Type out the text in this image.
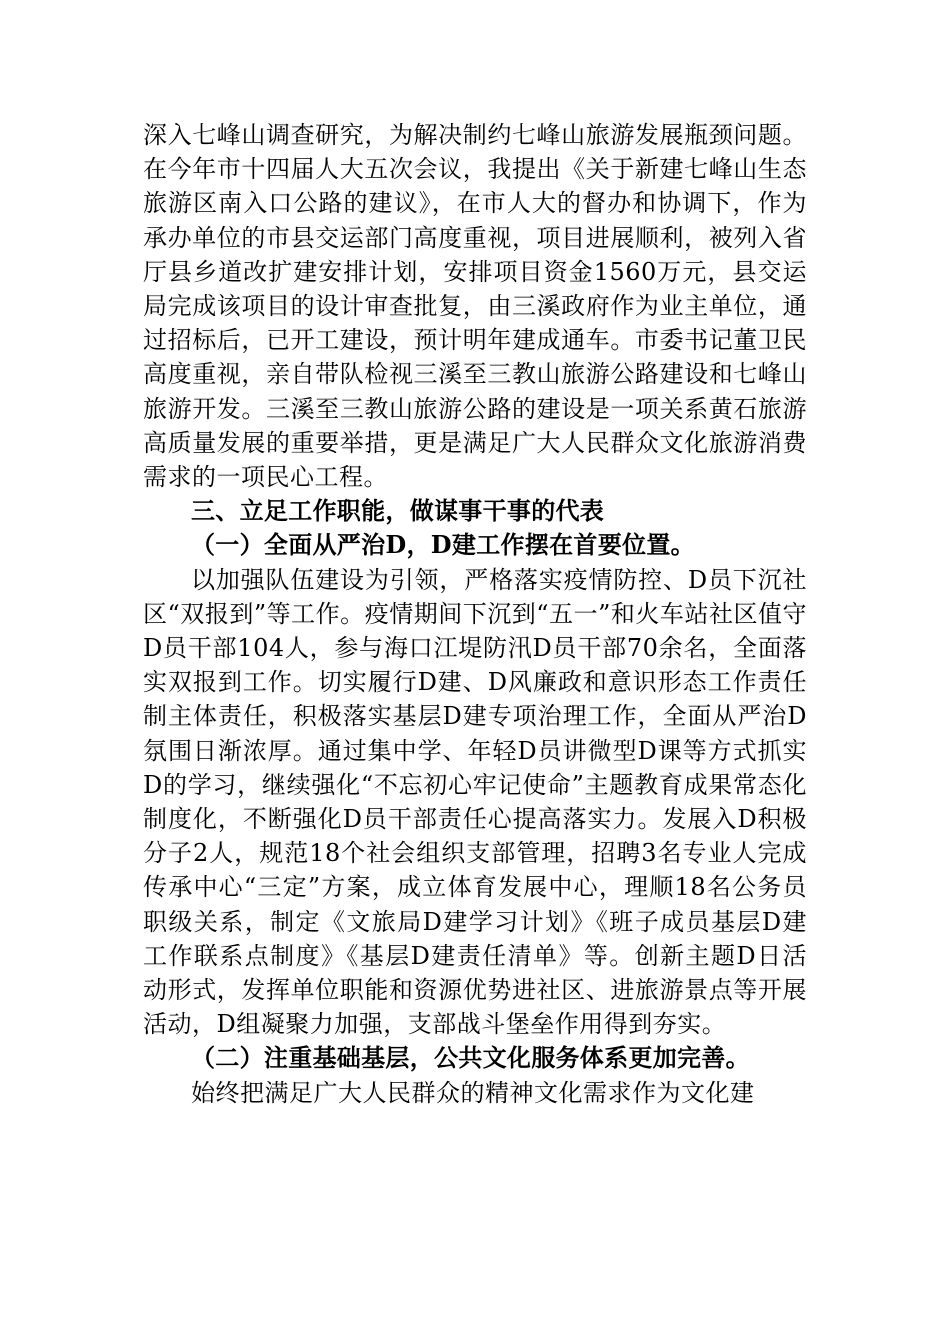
深入七峰山调查研究，为解决制约七峰山旅游发展瓶颈问题。在今年市十四届人大五次会议，我提出《关于新建七峰山生态旅游区南入口公路的建议》，在市人大的督办和协调下，作为承办单位的市县交运部门高度重视，项目进展顺利，被列入省厅县乡道改扩建安排计划，安排项目资金1560万元，县交运局完成该项目的设计审查批复，由三溪政府作为业主单位，通过招标后，已开工建设，预计明年建成通车。市委书记董卫民高度重视，亲自带队检视三溪至三教山旅游公路建设和七峰山旅游开发。三溪至三教山旅游公路的建设是一项关系黄石旅游高质量发展的重要举措，更是满足广大人民群众文化旅游消费需求的一项民心工程。

三、立足工作职能，做谋事干事的代表

（一）全面从严治D，D建工作摆在首要位置。

以加强队伍建设为引领，严格落实疫情防控、D员下沉社区“双报到”等工作。疫情期间下沉到“五一”和火车站社区值守D员干部104人，参与海口江堤防汛D员干部70余名，全面落实双报到工作。切实履行D建、D风廉政和意识形态工作责任制主体责任，积极落实基层D建专项治理工作，全面从严治D氛围日渐浓厚。通过集中学、年轻D员讲微型D课等方式抓实D的学习，继续强化“不忘初心牢记使命”主题教育成果常态化制度化，不断强化D员干部责任心提高落实力。发展入D积极分子2人，规范18个社会组织支部管理，招聘3名专业人完成传承中心“三定”方案，成立体育发展中心，理顺18名公务员职级关系，制定《文旅局D建学习计划》《班子成员基层D建工作联系点制度》《基层D建责任清单》等。创新主题D日活动形式，发挥单位职能和资源优势进社区、进旅游景点等开展活动，D组凝聚力加强，支部战斗堡垒作用得到夯实。

（二）注重基础基层，公共文化服务体系更加完善。

始终把满足广大人民群众的精神文化需求作为文化建
